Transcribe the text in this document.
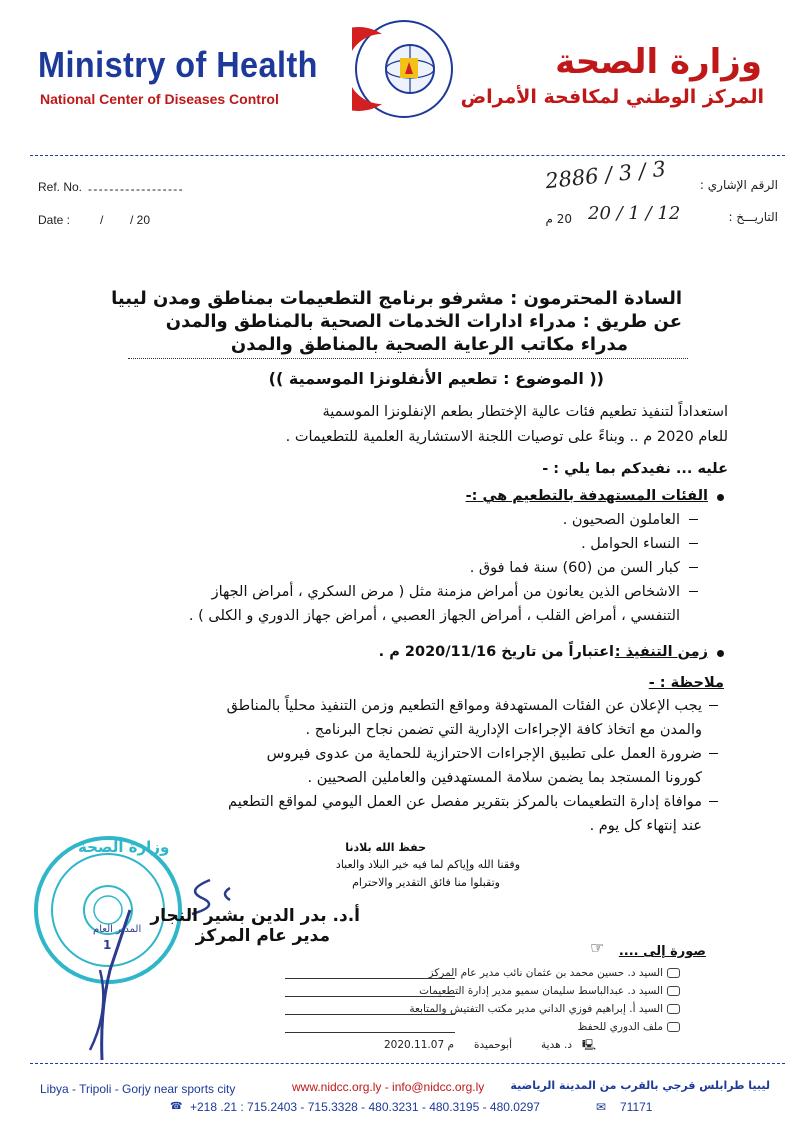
Ministry of Health
National Center of Diseases Control
وزارة الصحة
المركز الوطني لمكافحة الأمراض
Ref. No. - - - - - - - - - - - - - - - - - -
Date : /        / 20
الرقم الإشاري :
2886 / 3 / 3
التاريـــخ :
20 / 1 / 12
20 م
السادة المحترمون : مشرفو برنامج التطعيمات بمناطق ومدن ليبيا
عن طريق : مدراء ادارات الخدمات الصحية بالمناطق والمدن
مدراء مكاتب الرعاية الصحية بالمناطق والمدن
(( الموضوع : تطعيم الأنفلونزا الموسمية ))
استعداداً لتنفيذ تطعيم فئات عالية الإختطار بطعم الإنفلونزا الموسمية
للعام 2020 م .. وبناءً على توصيات اللجنة الاستشارية العلمية للتطعيمات .
عليه ... نفيدكم بما يلي : -
الفئات المستهدفة بالتطعيم هي :-
العاملون الصحيون .
النساء الحوامل .
كبار السن من (60) سنة فما فوق .
الاشخاص الذين يعانون من أمراض مزمنة مثل ( مرض السكري ، أمراض الجهاز
التنفسي ، أمراض القلب ، أمراض الجهاز العصبي ، أمراض جهاز الدوري و الكلى ) .
زمن التنفيذ :
اعتباراً من تاريخ 2020/11/16 م .
ملاحظة : -
يجب الإعلان عن الفئات المستهدفة ومواقع التطعيم وزمن التنفيذ محلياً بالمناطق
والمدن مع اتخاذ كافة الإجراءات الإدارية التي تضمن نجاح البرنامج .
ضرورة العمل على تطبيق الإجراءات الاحترازية للحماية من عدوى فيروس
كورونا المستجد بما يضمن سلامة المستهدفين والعاملين الصحيين .
موافاة إدارة التطعيمات بالمركز بتقرير مفصل عن العمل اليومي لمواقع التطعيم
عند إنتهاء كل يوم .
حفظ الله بلادنا
وفقنا الله وإياكم لما فيه خير البلاد والعباد
وتقبلوا منا فائق التقدير والاحترام
وزارة الصحة
المدير العام
1
أ.د. بدر الدين بشير النجار
مدير عام المركز
صورة إلى ....
☞
السيد د. حسين محمد بن عثمان نائب مدير عام المركز
السيد د. عبدالباسط سليمان سميو مدير إدارة التطعيمات
السيد أ. إبراهيم فوزي الداني مدير مكتب التفتيش والمتابعة
ملف الدوري للحفظ
🖳
د. هدية
أبوحميدة
2020.11.07 م
Libya - Tripoli - Gorjy near sports city	www.nidcc.org.ly - info@nidcc.org.ly ليبيا طرابلس قرجي بالقرب من المدينة الرياضية
☎ +218 .21 : 715.2403 - 715.3328 - 480.3231 - 480.3195 - 480.0297	✉ 71171
